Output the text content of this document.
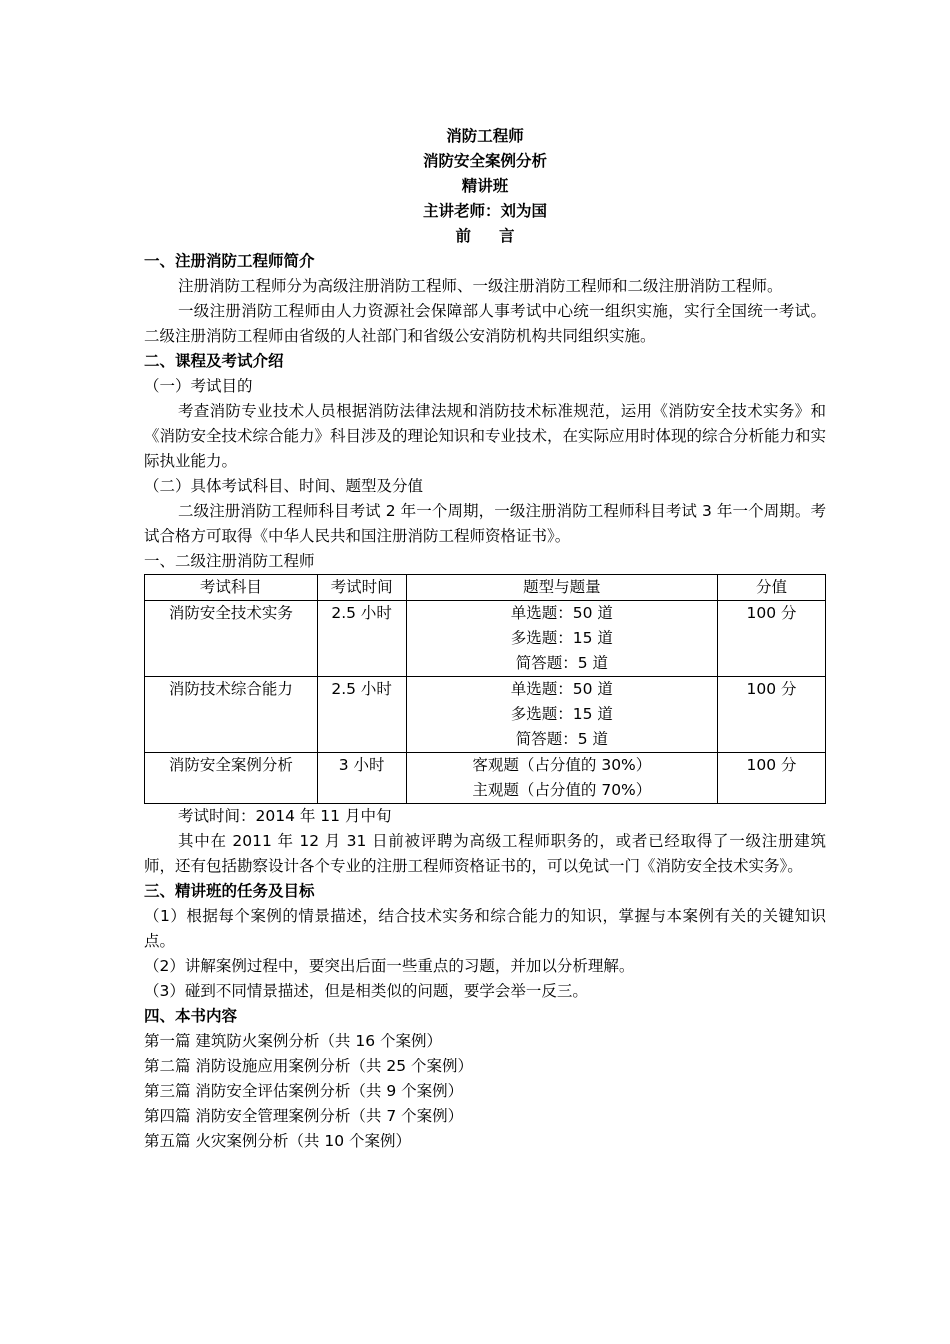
消防工程师
消防安全案例分析
精讲班
主讲老师：刘为国
前言
一、注册消防工程师简介
注册消防工程师分为高级注册消防工程师、一级注册消防工程师和二级注册消防工程师。
一级注册消防工程师由人力资源社会保障部人事考试中心统一组织实施，实行全国统一考试。二级注册消防工程师由省级的人社部门和省级公安消防机构共同组织实施。
二、课程及考试介绍
（一）考试目的
考查消防专业技术人员根据消防法律法规和消防技术标准规范，运用《消防安全技术实务》和《消防安全技术综合能力》科目涉及的理论知识和专业技术，在实际应用时体现的综合分析能力和实际执业能力。
（二）具体考试科目、时间、题型及分值
二级注册消防工程师科目考试 2 年一个周期，一级注册消防工程师科目考试 3 年一个周期。考试合格方可取得《中华人民共和国注册消防工程师资格证书》。
一、二级注册消防工程师
考试科目	考试时间	题型与题量	分值
消防安全技术实务	2.5 小时	单选题：50 道
多选题：15 道
简答题：5 道	100 分
消防技术综合能力	2.5 小时	单选题：50 道
多选题：15 道
简答题：5 道	100 分
消防安全案例分析	3 小时	客观题（占分值的 30%）
主观题（占分值的 70%）	100 分
考试时间：2014 年 11 月中旬
其中在 2011 年 12 月 31 日前被评聘为高级工程师职务的，或者已经取得了一级注册建筑师，还有包括勘察设计各个专业的注册工程师资格证书的，可以免试一门《消防安全技术实务》。
三、精讲班的任务及目标
（1）根据每个案例的情景描述，结合技术实务和综合能力的知识，掌握与本案例有关的关键知识点。
（2）讲解案例过程中，要突出后面一些重点的习题，并加以分析理解。
（3）碰到不同情景描述，但是相类似的问题，要学会举一反三。
四、本书内容
第一篇 建筑防火案例分析（共 16 个案例）
第二篇 消防设施应用案例分析（共 25 个案例）
第三篇 消防安全评估案例分析（共 9 个案例）
第四篇 消防安全管理案例分析（共 7 个案例）
第五篇 火灾案例分析（共 10 个案例）
